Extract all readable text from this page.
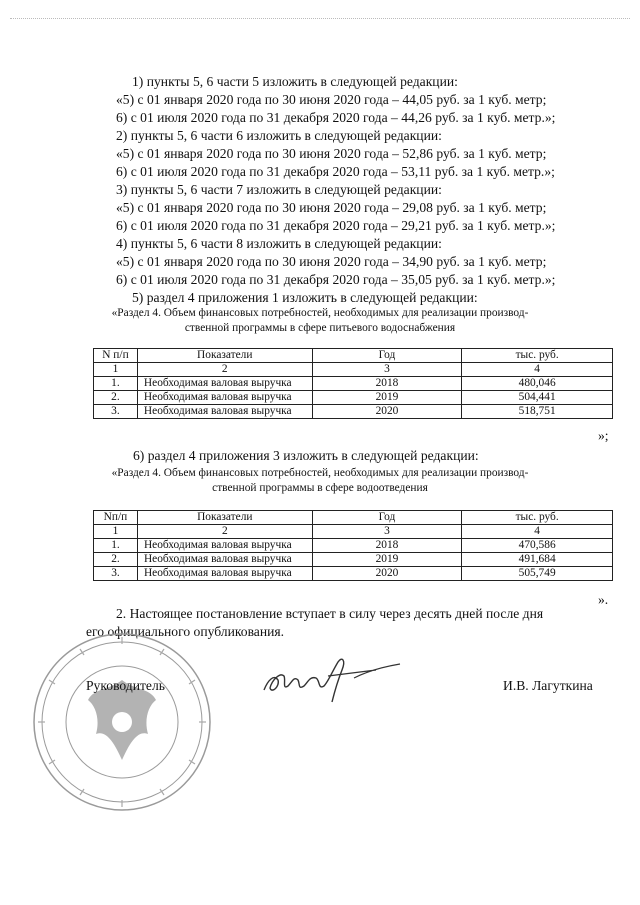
1) пункты 5, 6 части 5 изложить в следующей редакции:
«5) с 01 января 2020 года по 30 июня 2020 года – 44,05 руб. за 1 куб. метр;
6) с 01 июля 2020 года по 31 декабря 2020 года – 44,26 руб. за 1 куб. метр.»;
2) пункты 5, 6 части 6 изложить в следующей редакции:
«5) с 01 января 2020 года по 30 июня 2020 года – 52,86 руб. за 1 куб. метр;
6) с 01 июля 2020 года по 31 декабря 2020 года – 53,11 руб. за 1 куб. метр.»;
3) пункты 5, 6 части 7 изложить в следующей редакции:
«5) с 01 января 2020 года по 30 июня 2020 года – 29,08 руб. за 1 куб. метр;
6) с 01 июля 2020 года по 31 декабря 2020 года – 29,21 руб. за 1 куб. метр.»;
4) пункты 5, 6 части 8 изложить в следующей редакции:
«5) с 01 января 2020 года по 30 июня 2020 года – 34,90 руб. за 1 куб. метр;
6) с 01 июля 2020 года по 31 декабря 2020 года – 35,05 руб. за 1 куб. метр.»;
5) раздел 4 приложения 1 изложить в следующей редакции:
«Раздел 4. Объем финансовых потребностей, необходимых для реализации производ-
ственной программы в сфере питьевого водоснабжения
N п/п	Показатели	Год	тыс. руб.
1	2	3	4
1.	Необходимая валовая выручка	2018	480,046
2.	Необходимая валовая выручка	2019	504,441
3.	Необходимая валовая выручка	2020	518,751
»;
6) раздел 4 приложения 3 изложить в следующей редакции:
«Раздел 4. Объем финансовых потребностей, необходимых для реализации производ-
ственной программы в сфере водоотведения
Nп/п	Показатели	Год	тыс. руб.
1	2	3	4
1.	Необходимая валовая выручка	2018	470,586
2.	Необходимая валовая выручка	2019	491,684
3.	Необходимая валовая выручка	2020	505,749
».
2. Настоящее постановление вступает в силу через десять дней после дня
его официального опубликования.
Руководитель	И.В. Лагуткина
